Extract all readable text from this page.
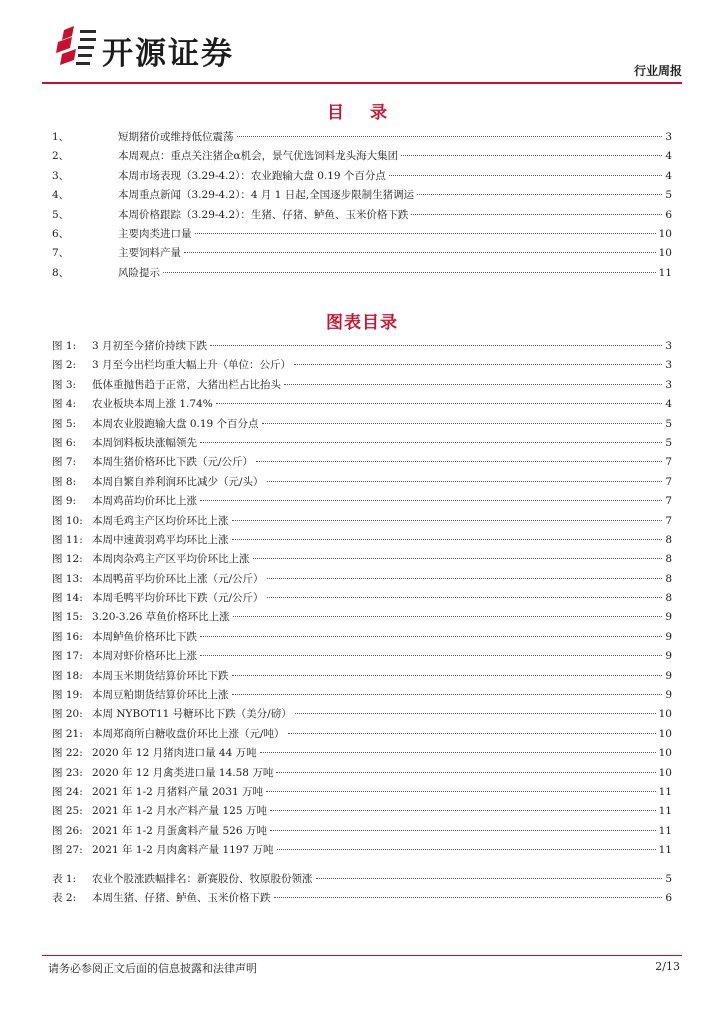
开源证券	行业周报
目 录
1、	短期猪价或维持低位震荡	3
2、	本周观点：重点关注猪企α机会，景气优选饲料龙头海大集团	4
3、	本周市场表现（3.29-4.2）：农业跑输大盘 0.19 个百分点	4
4、	本周重点新闻（3.29-4.2）：4 月 1 日起,全国逐步限制生猪调运	5
5、	本周价格跟踪（3.29-4.2）：生猪、仔猪、鲈鱼、玉米价格下跌	6
6、	主要肉类进口量	10
7、	主要饲料产量	10
8、	风险提示	11
图表目录
图 1:	3 月初至今猪价持续下跌	3
图 2:	3 月至今出栏均重大幅上升（单位：公斤）	3
图 3:	低体重抛售趋于正常，大猪出栏占比抬头	3
图 4:	农业板块本周上涨 1.74%	4
图 5:	本周农业股跑输大盘 0.19 个百分点	5
图 6:	本周饲料板块涨幅领先	5
图 7:	本周生猪价格环比下跌（元/公斤）	7
图 8:	本周自繁自养利润环比减少（元/头）	7
图 9:	本周鸡苗均价环比上涨	7
图 10: 本周毛鸡主产区均价环比上涨	7
图 11: 本周中速黄羽鸡平均环比上涨	8
图 12: 本周肉杂鸡主产区平均价环比上涨	8
图 13: 本周鸭苗平均价环比上涨（元/公斤）	8
图 14: 本周毛鸭平均价环比下跌（元/公斤）	8
图 15: 3.20-3.26 草鱼价格环比上涨	9
图 16: 本周鲈鱼价格环比下跌	9
图 17: 本周对虾价格环比上涨	9
图 18: 本周玉米期货结算价环比下跌	9
图 19: 本周豆粕期货结算价环比上涨	9
图 20: 本周 NYBOT11 号糖环比下跌（美分/磅）	10
图 21: 本周郑商所白糖收盘价环比上涨（元/吨）	10
图 22: 2020 年 12 月猪肉进口量 44 万吨	10
图 23: 2020 年 12 月禽类进口量 14.58 万吨	10
图 24: 2021 年 1-2 月猪料产量 2031 万吨	11
图 25: 2021 年 1-2 月水产料产量 125 万吨	11
图 26: 2021 年 1-2 月蛋禽料产量 526 万吨	11
图 27: 2021 年 1-2 月肉禽料产量 1197 万吨	11
表 1:	农业个股涨跌幅排名：新赛股份、牧原股份领涨	5
表 2:	本周生猪、仔猪、鲈鱼、玉米价格下跌	6
请务必参阅正文后面的信息披露和法律声明	2/13
